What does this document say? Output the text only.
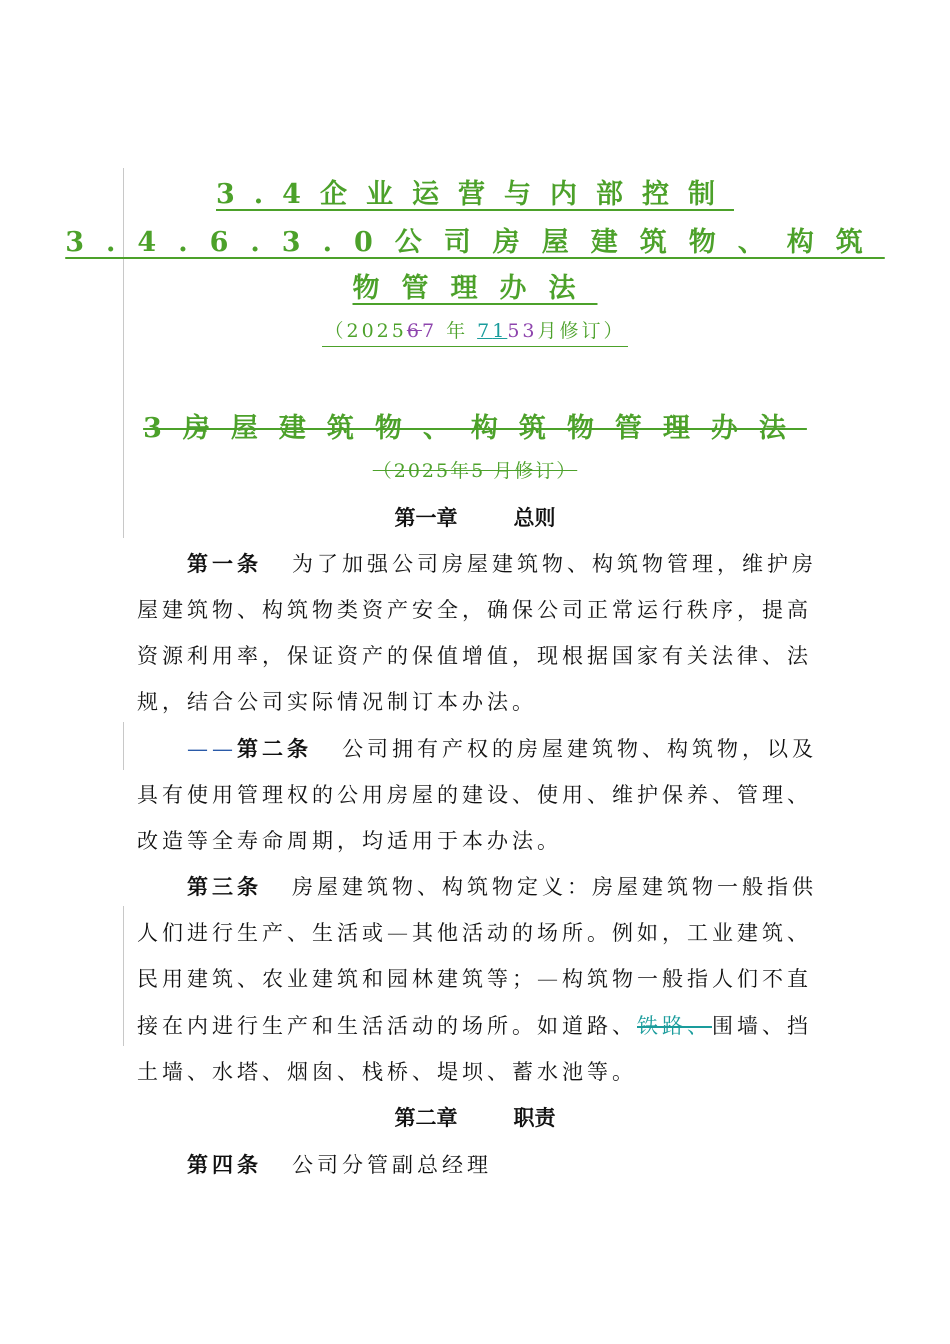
3.4企业运营与内部控制
3.4.6.3.0公司房屋建筑物、构筑
物管理办法
（202567 年 7153月修订）
3房屋建筑物、构筑物管理办法
（2025年5 月修订）
第一章	总则
第一条 为了加强公司房屋建筑物、构筑物管理，维护房
屋建筑物、构筑物类资产安全，确保公司正常运行秩序，提高
资源利用率，保证资产的保值增值，现根据国家有关法律、法
规，结合公司实际情况制订本办法。
——第二条 公司拥有产权的房屋建筑物、构筑物，以及
具有使用管理权的公用房屋的建设、使用、维护保养、管理、
改造等全寿命周期，均适用于本办法。
第三条 房屋建筑物、构筑物定义：房屋建筑物一般指供
人们进行生产、生活或—其他活动的场所。例如，工业建筑、
民用建筑、农业建筑和园林建筑等；—构筑物一般指人们不直
接在内进行生产和生活活动的场所。如道路、铁路、围墙、挡
土墙、水塔、烟囱、栈桥、堤坝、蓄水池等。
第二章	职责
第四条 公司分管副总经理
